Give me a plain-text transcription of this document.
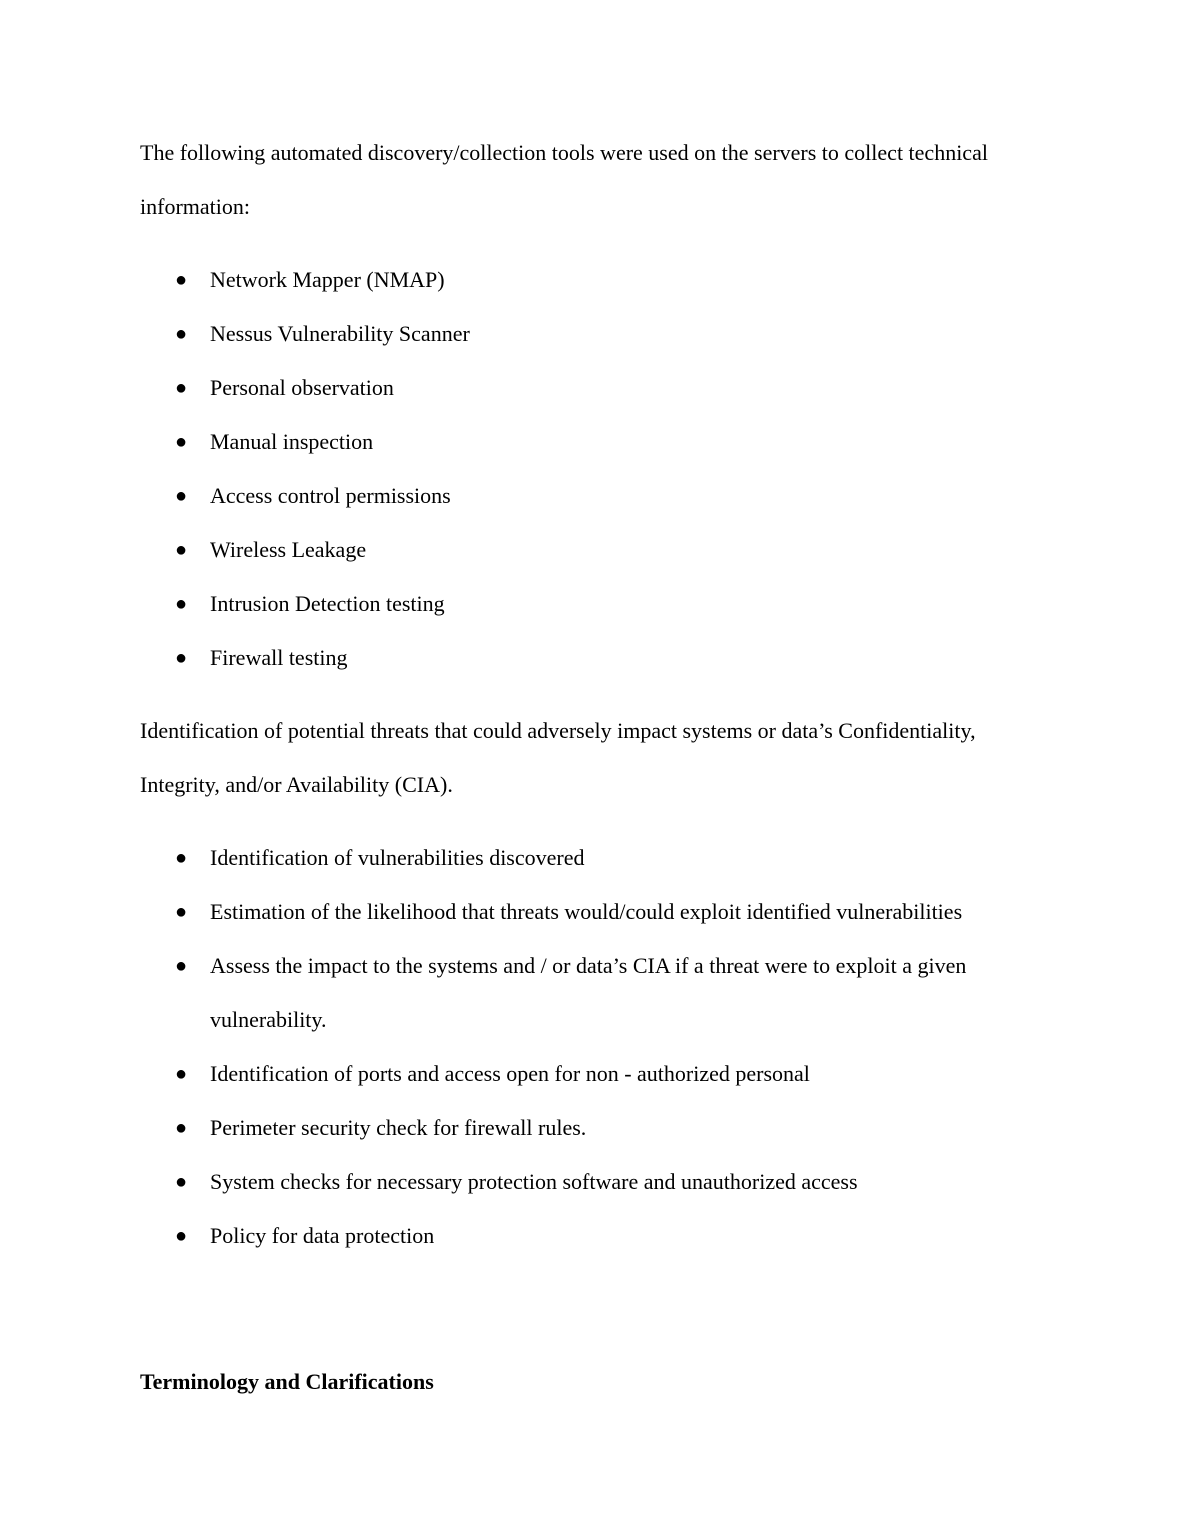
The following automated discovery/collection tools were used on the servers to collect technical information:

● Network Mapper (NMAP)
● Nessus Vulnerability Scanner
● Personal observation
● Manual inspection
● Access control permissions
● Wireless Leakage
● Intrusion Detection testing
● Firewall testing

Identification of potential threats that could adversely impact systems or data’s Confidentiality, Integrity, and/or Availability (CIA).

● Identification of vulnerabilities discovered
● Estimation of the likelihood that threats would/could exploit identified vulnerabilities
● Assess the impact to the systems and / or data’s CIA if a threat were to exploit a given vulnerability.
● Identification of ports and access open for non - authorized personal
● Perimeter security check for firewall rules.
● System checks for necessary protection software and unauthorized access
● Policy for data protection
Terminology and Clarifications
